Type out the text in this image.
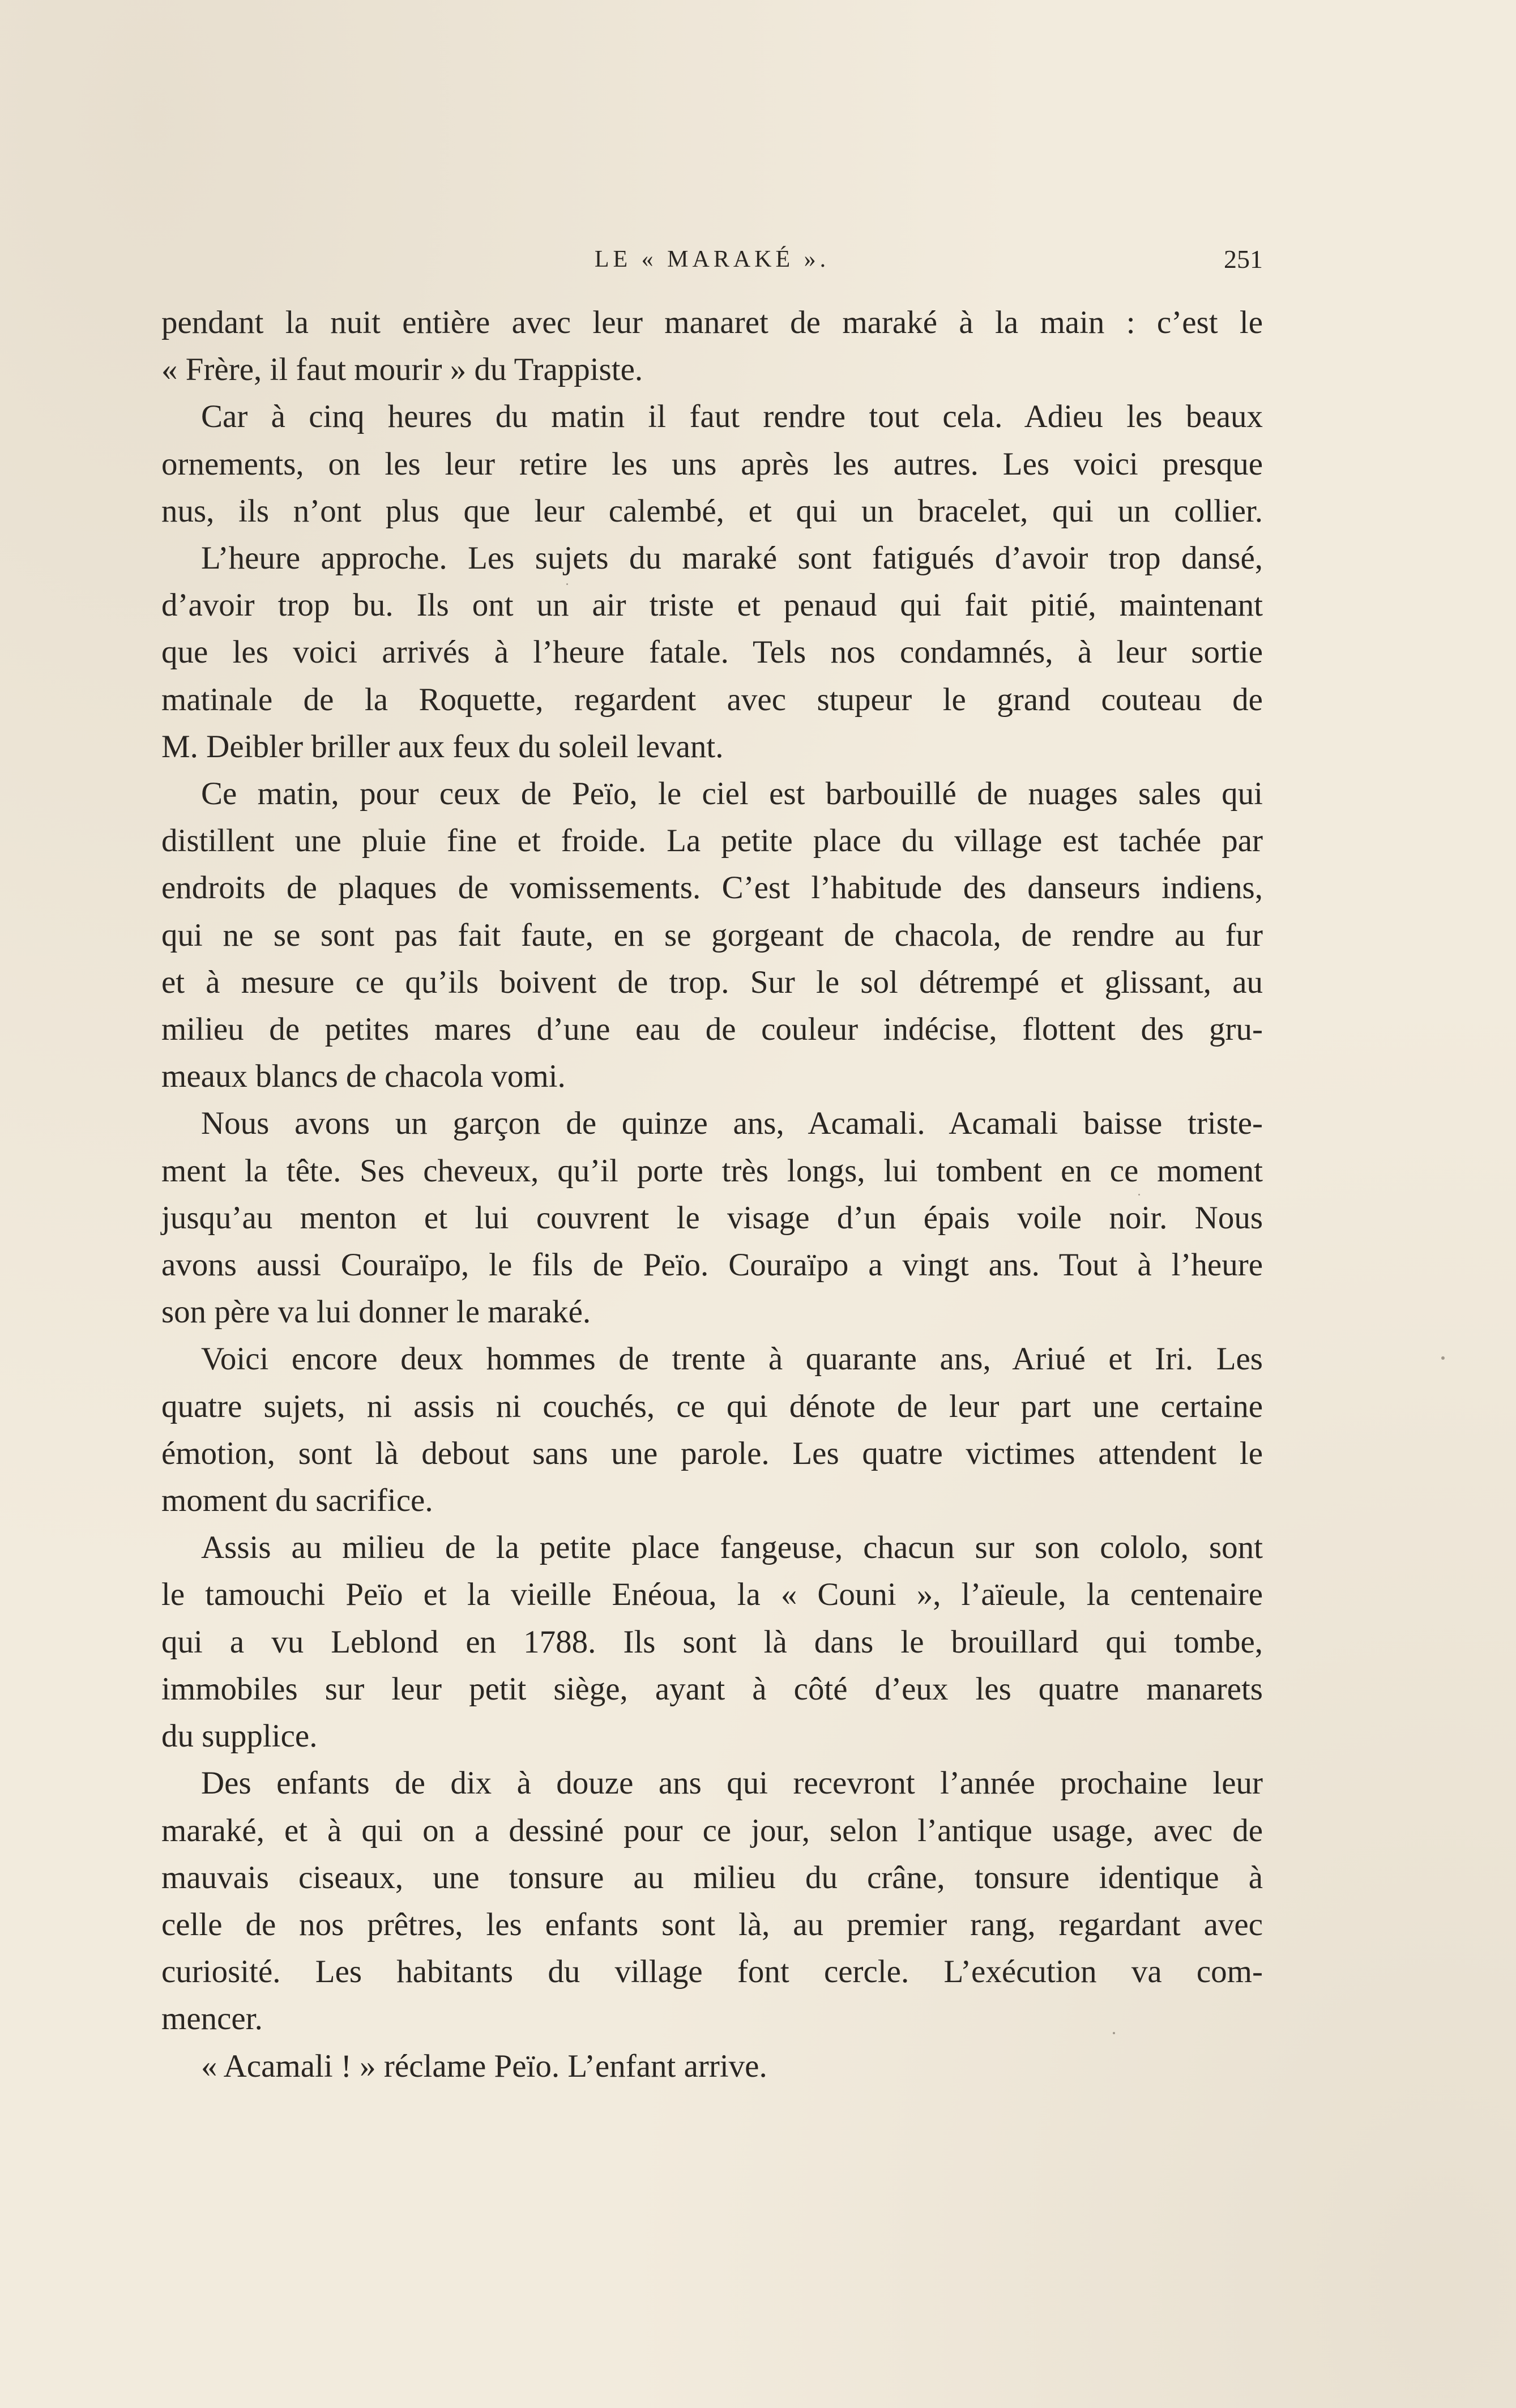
LE « MARAKÉ ».	251

pendant la nuit entière avec leur manaret de maraké à la main : c’est le

« Frère, il faut mourir » du Trappiste.

Car à cinq heures du matin il faut rendre tout cela. Adieu les beaux

ornements, on les leur retire les uns après les autres. Les voici presque

nus, ils n’ont plus que leur calembé, et qui un bracelet, qui un collier.

L’heure approche. Les sujets du maraké sont fatigués d’avoir trop dansé,

d’avoir trop bu. Ils ont un air triste et penaud qui fait pitié, maintenant

que les voici arrivés à l’heure fatale. Tels nos condamnés, à leur sortie

matinale de la Roquette, regardent avec stupeur le grand couteau de

M. Deibler briller aux feux du soleil levant.

Ce matin, pour ceux de Peïo, le ciel est barbouillé de nuages sales qui

distillent une pluie fine et froide. La petite place du village est tachée par

endroits de plaques de vomissements. C’est l’habitude des danseurs indiens,

qui ne se sont pas fait faute, en se gorgeant de chacola, de rendre au fur

et à mesure ce qu’ils boivent de trop. Sur le sol détrempé et glissant, au

milieu de petites mares d’une eau de couleur indécise, flottent des gru-

meaux blancs de chacola vomi.

Nous avons un garçon de quinze ans, Acamali. Acamali baisse triste-

ment la tête. Ses cheveux, qu’il porte très longs, lui tombent en ce moment

jusqu’au menton et lui couvrent le visage d’un épais voile noir. Nous

avons aussi Couraïpo, le fils de Peïo. Couraïpo a vingt ans. Tout à l’heure

son père va lui donner le maraké.

Voici encore deux hommes de trente à quarante ans, Ariué et Iri. Les

quatre sujets, ni assis ni couchés, ce qui dénote de leur part une certaine

émotion, sont là debout sans une parole. Les quatre victimes attendent le

moment du sacrifice.

Assis au milieu de la petite place fangeuse, chacun sur son cololo, sont

le tamouchi Peïo et la vieille Enéoua, la « Couni », l’aïeule, la centenaire

qui a vu Leblond en 1788. Ils sont là dans le brouillard qui tombe,

immobiles sur leur petit siège, ayant à côté d’eux les quatre manarets

du supplice.

Des enfants de dix à douze ans qui recevront l’année prochaine leur

maraké, et à qui on a dessiné pour ce jour, selon l’antique usage, avec de

mauvais ciseaux, une tonsure au milieu du crâne, tonsure identique à

celle de nos prêtres, les enfants sont là, au premier rang, regardant avec

curiosité. Les habitants du village font cercle. L’exécution va com-

mencer.

« Acamali ! » réclame Peïo. L’enfant arrive.
